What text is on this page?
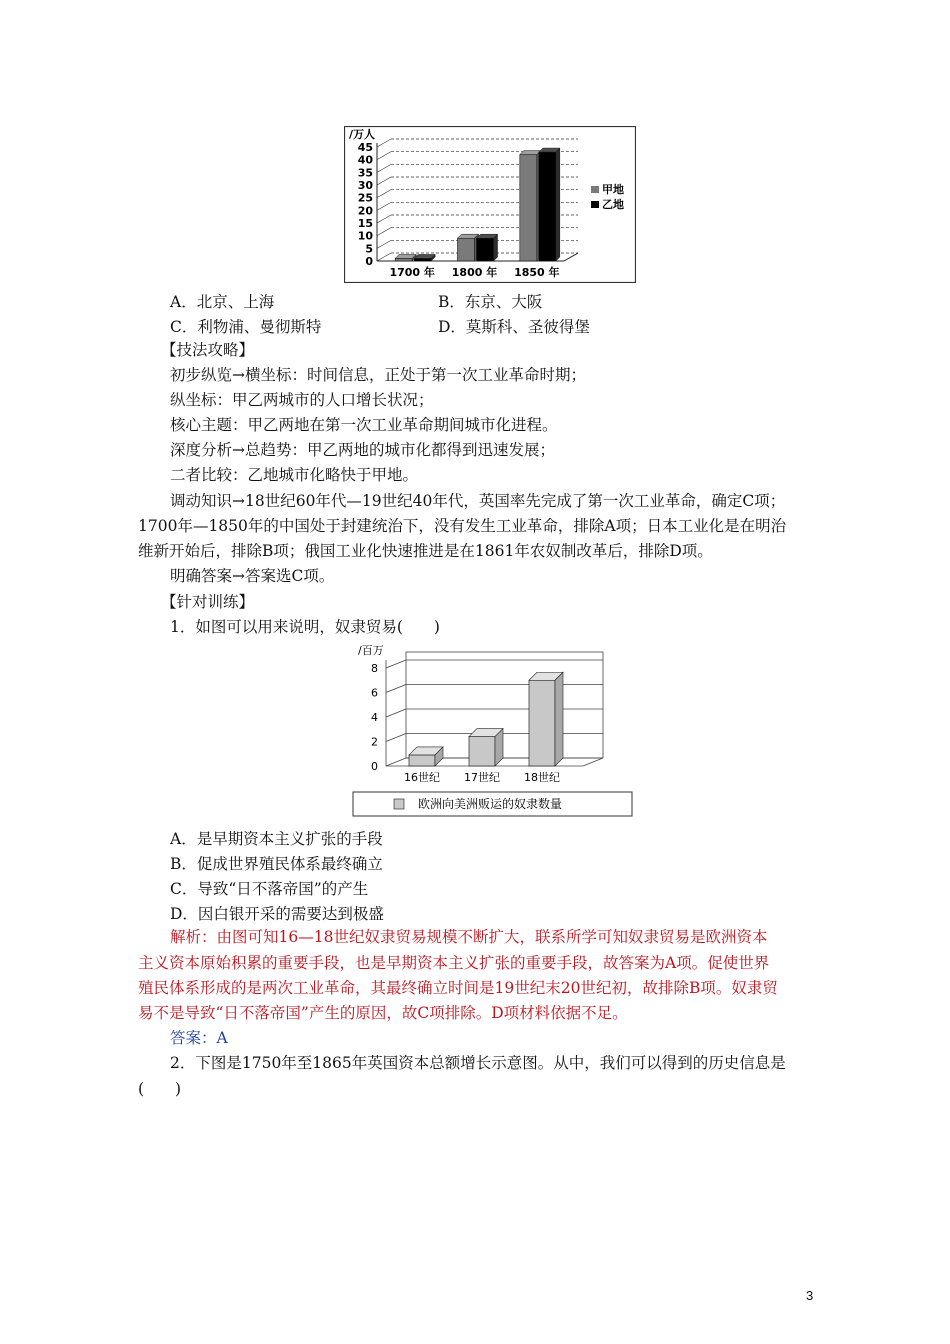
/万人
0
5
10
15
20
25
30
35
40
45
1700 年 1800 年 1850 年
甲地
乙地
A．北京、上海	B．东京、大阪
C．利物浦、曼彻斯特	D．莫斯科、圣彼得堡
【技法攻略】
初步纵览→横坐标：时间信息，正处于第一次工业革命时期；
纵坐标：甲乙两城市的人口增长状况；
核心主题：甲乙两地在第一次工业革命期间城市化进程。
深度分析→总趋势：甲乙两地的城市化都得到迅速发展；
二者比较：乙地城市化略快于甲地。
调动知识→18世纪60年代—19世纪40年代，英国率先完成了第一次工业革命，确定C项；
1700年—1850年的中国处于封建统治下，没有发生工业革命，排除A项；日本工业化是在明治
维新开始后，排除B项；俄国工业化快速推进是在1861年农奴制改革后，排除D项。
明确答案→答案选C项。
【针对训练】
1．如图可以用来说明，奴隶贸易(　　)
/百万
0
2
4
6
8
16世纪 17世纪 18世纪
欧洲向美洲贩运的奴隶数量
A．是早期资本主义扩张的手段
B．促成世界殖民体系最终确立
C．导致“日不落帝国”的产生
D．因白银开采的需要达到极盛
解析：由图可知16—18世纪奴隶贸易规模不断扩大，联系所学可知奴隶贸易是欧洲资本
主义资本原始积累的重要手段，也是早期资本主义扩张的重要手段，故答案为A项。促使世界
殖民体系形成的是两次工业革命，其最终确立时间是19世纪末20世纪初，故排除B项。奴隶贸
易不是导致“日不落帝国”产生的原因，故C项排除。D项材料依据不足。
答案：A
2．下图是1750年至1865年英国资本总额增长示意图。从中，我们可以得到的历史信息是
(　　)
3
